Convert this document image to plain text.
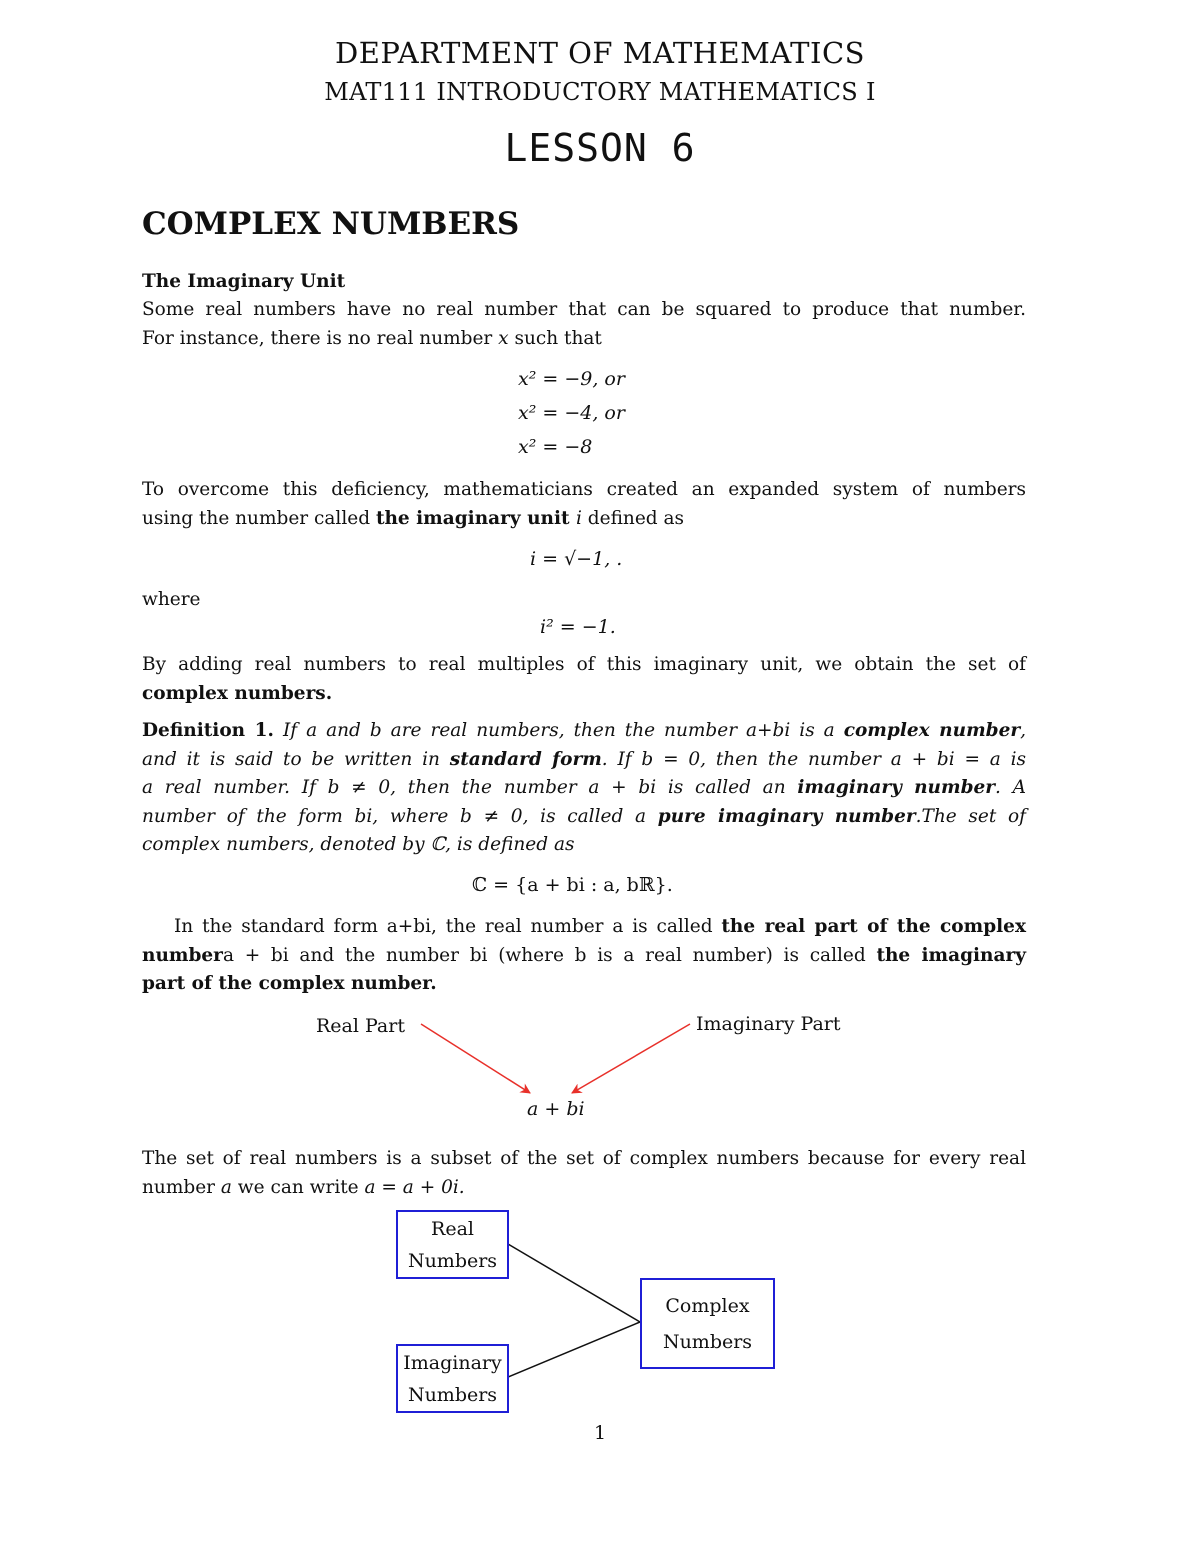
DEPARTMENT OF MATHEMATICS
MAT111 INTRODUCTORY MATHEMATICS I
LESSON 6
COMPLEX NUMBERS
The Imaginary Unit
Some real numbers have no real number that can be squared to produce that number.
For instance, there is no real number x such that
x² = −9, or
x² = −4, or
x² = −8
To overcome this deficiency, mathematicians created an expanded system of numbers
using the number called the imaginary unit i defined as
i = √−1, .
where
i² = −1.
By adding real numbers to real multiples of this imaginary unit, we obtain the set of
complex numbers.
Definition 1. If a and b are real numbers, then the number a+bi is a complex number,
and it is said to be written in standard form. If b = 0, then the number a + bi = a is
a real number. If b ≠ 0, then the number a + bi is called an imaginary number. A
number of the form bi, where b ≠ 0, is called a pure imaginary number.The set of
complex numbers, denoted by ℂ, is defined as
ℂ = {a + bi : a, bℝ}.
In the standard form a+bi, the real number a is called the real part of the complex
numbera + bi and the number bi (where b is a real number) is called the imaginary
part of the complex number.
Real Part	Imaginary Part
a + bi
The set of real numbers is a subset of the set of complex numbers because for every real
number a we can write a = a + 0i.
Real
Numbers
Imaginary
Numbers
Complex
Numbers
1
